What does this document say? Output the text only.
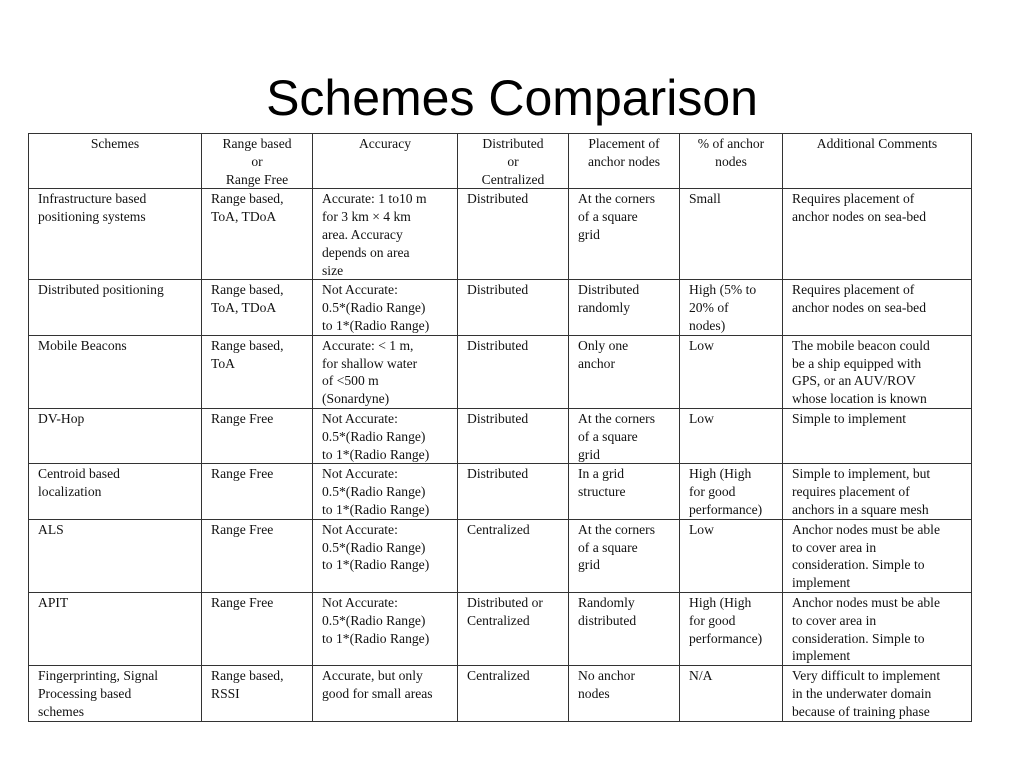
Schemes Comparison
Schemes	Range based
or
Range Free	Accuracy	Distributed
or
Centralized	Placement of
anchor nodes	% of anchor
nodes	Additional Comments

Infrastructure based
positioning systems	Range based,
ToA, TDoA	Accurate: 1 to10 m
for 3 km × 4 km
area. Accuracy
depends on area
size	Distributed	At the corners
of a square
grid	Small	Requires placement of
anchor nodes on sea-bed

Distributed positioning	Range based,
ToA, TDoA	Not Accurate:
0.5*(Radio Range)
to 1*(Radio Range)	Distributed	Distributed
randomly	High (5% to
20% of
nodes)	Requires placement of
anchor nodes on sea-bed

Mobile Beacons	Range based,
ToA	Accurate: < 1 m,
for shallow water
of <500 m
(Sonardyne)	Distributed	Only one
anchor	Low	The mobile beacon could
be a ship equipped with
GPS, or an AUV/ROV
whose location is known

DV-Hop	Range Free	Not Accurate:
0.5*(Radio Range)
to 1*(Radio Range)	Distributed	At the corners
of a square
grid	Low	Simple to implement

Centroid based
localization	Range Free	Not Accurate:
0.5*(Radio Range)
to 1*(Radio Range)	Distributed	In a grid
structure	High (High
for good
performance)	Simple to implement, but
requires placement of
anchors in a square mesh

ALS	Range Free	Not Accurate:
0.5*(Radio Range)
to 1*(Radio Range)	Centralized	At the corners
of a square
grid	Low	Anchor nodes must be able
to cover area in
consideration. Simple to
implement

APIT	Range Free	Not Accurate:
0.5*(Radio Range)
to 1*(Radio Range)	Distributed or
Centralized	Randomly
distributed	High (High
for good
performance)	Anchor nodes must be able
to cover area in
consideration. Simple to
implement

Fingerprinting, Signal
Processing based
schemes	Range based,
RSSI	Accurate, but only
good for small areas	Centralized	No anchor
nodes	N/A	Very difficult to implement
in the underwater domain
because of training phase
